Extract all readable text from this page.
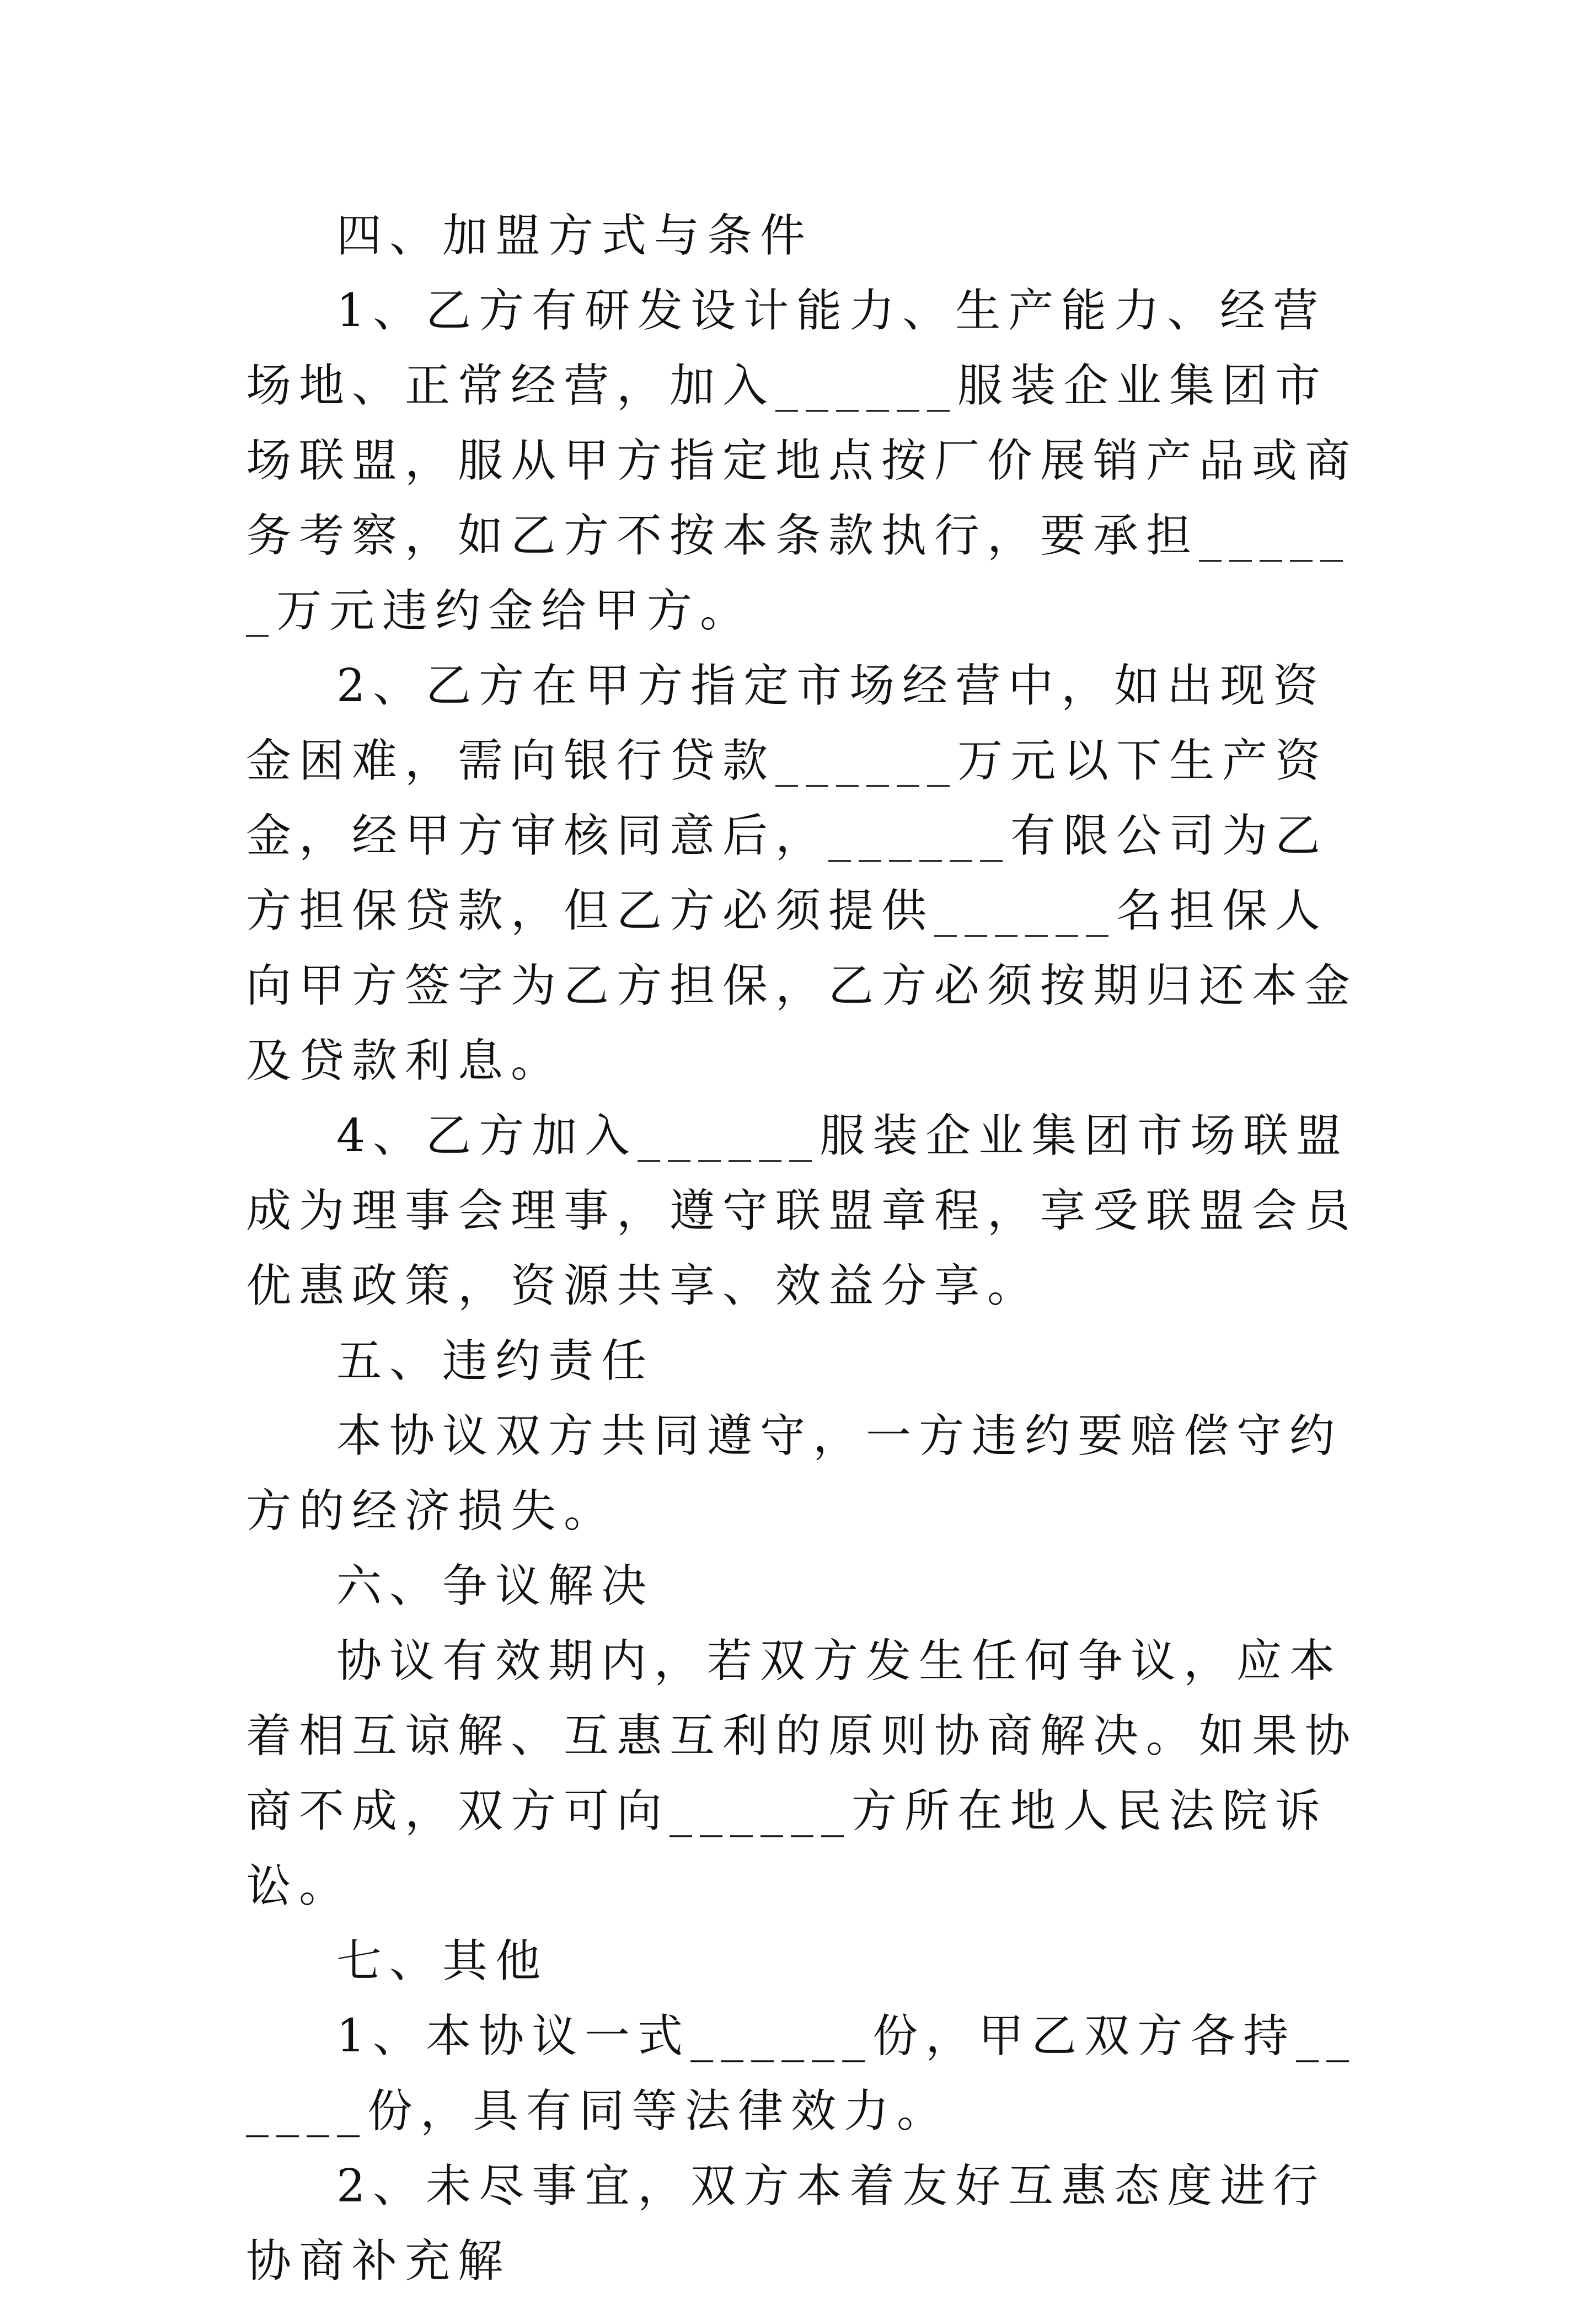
四、加盟方式与条件

1、乙方有研发设计能力、生产能力、经营场地、正常经营，加入______服装企业集团市场联盟，服从甲方指定地点按厂价展销产品或商务考察，如乙方不按本条款执行，要承担______万元违约金给甲方。

2、乙方在甲方指定市场经营中，如出现资金困难，需向银行贷款______万元以下生产资金，经甲方审核同意后，______有限公司为乙方担保贷款，但乙方必须提供______名担保人向甲方签字为乙方担保，乙方必须按期归还本金及贷款利息。

4、乙方加入______服装企业集团市场联盟成为理事会理事，遵守联盟章程，享受联盟会员优惠政策，资源共享、效益分享。

五、违约责任

本协议双方共同遵守，一方违约要赔偿守约方的经济损失。

六、争议解决

协议有效期内，若双方发生任何争议，应本着相互谅解、互惠互利的原则协商解决。如果协商不成，双方可向______方所在地人民法院诉讼。

七、其他

1、本协议一式______份，甲乙双方各持______份，具有同等法律效力。

2、未尽事宜，双方本着友好互惠态度进行协商补充解
